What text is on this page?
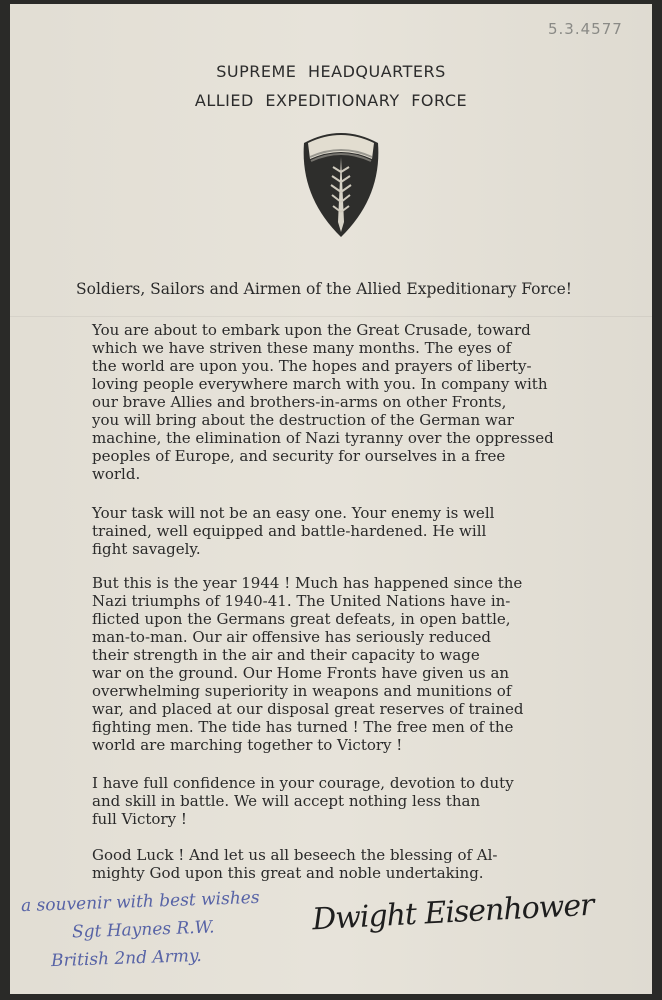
5.3.4577
SUPREME HEADQUARTERS
ALLIED EXPEDITIONARY FORCE
Soldiers, Sailors and Airmen of the Allied Expeditionary Force!
You are about to embark upon the Great Crusade, toward
which we have striven these many months. The eyes of
the world are upon you. The hopes and prayers of liberty-
loving people everywhere march with you. In company with
our brave Allies and brothers-in-arms on other Fronts,
you will bring about the destruction of the German war
machine, the elimination of Nazi tyranny over the oppressed
peoples of Europe, and security for ourselves in a free
world.
Your task will not be an easy one. Your enemy is well
trained, well equipped and battle-hardened. He will
fight savagely.
But this is the year 1944 ! Much has happened since the
Nazi triumphs of 1940-41. The United Nations have in-
flicted upon the Germans great defeats, in open battle,
man-to-man. Our air offensive has seriously reduced
their strength in the air and their capacity to wage
war on the ground. Our Home Fronts have given us an
overwhelming superiority in weapons and munitions of
war, and placed at our disposal great reserves of trained
fighting men. The tide has turned ! The free men of the
world are marching together to Victory !
I have full confidence in your courage, devotion to duty
and skill in battle. We will accept nothing less than
full Victory !
Good Luck ! And let us all beseech the blessing of Al-
mighty God upon this great and noble undertaking.
a souvenir with best wishes
Sgt Haynes R.W.
British 2nd Army.
Dwight Eisenhower
